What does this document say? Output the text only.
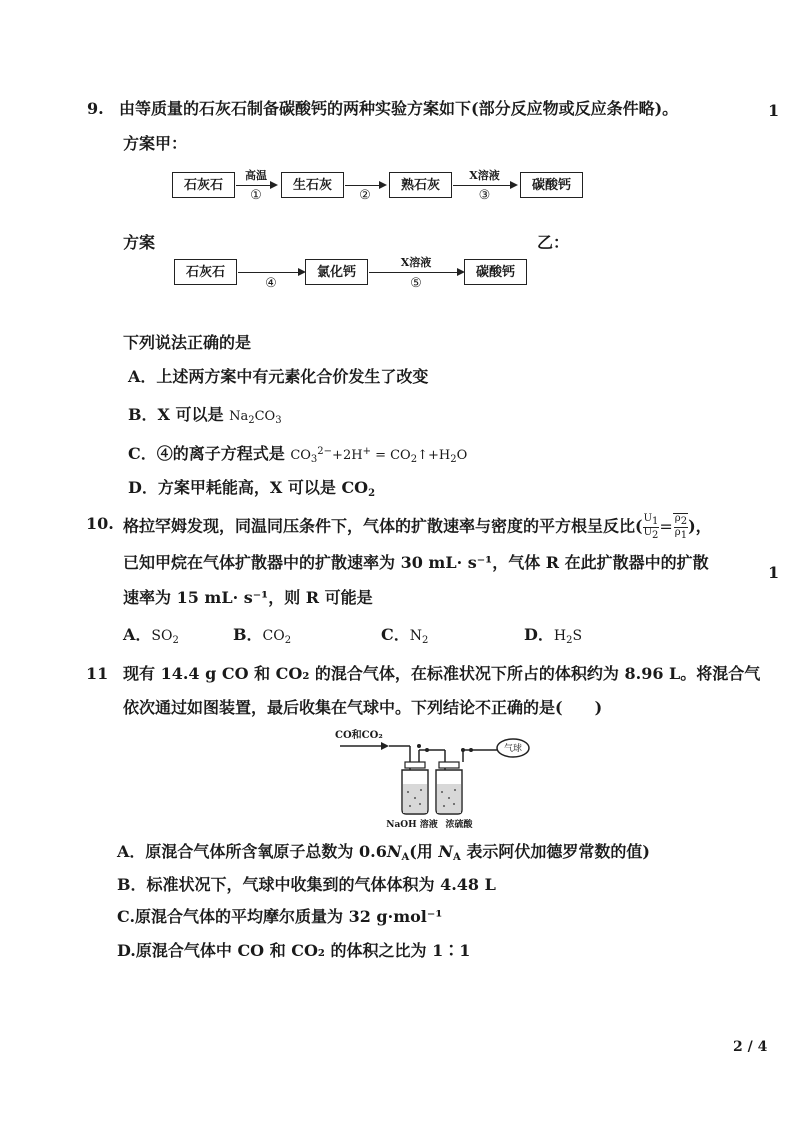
9. 由等质量的石灰石制备碳酸钙的两种实验方案如下(部分反应物或反应条件略)。	1
方案甲：
石灰石
高温
①
生石灰
②
熟石灰
X溶液
③
碳酸钙
方案	乙：
石灰石
④
氯化钙
X溶液
⑤
碳酸钙
下列说法正确的是
A．上述两方案中有元素化合价发生了改变
B．X 可以是 $Na_2CO_3$
C．④的离子方程式是 $CO_3^{2-}+2H^+$ = $CO_2↑+H_2O$
D．方案甲耗能高，X 可以是 $CO_2$
10. 格拉罕姆发现，同温同压条件下，气体的扩散速率与密度的平方根呈反比( $\frac{U_1}{U_2} = \frac{\rho_2}{\rho_1}$ )，
已知甲烷在气体扩散器中的扩散速率为 30 mL· s⁻¹，气体 R 在此扩散器中的扩散
1
速率为 15 mL· s⁻¹，则 R 可能是
A．$SO_2$	B．$CO_2$	C．$N_2$	D．$H_2S$
11 现有 14.4 g CO 和 CO₂ 的混合气体，在标准状况下所占的体积约为 8.96 L。将混合气
依次通过如图装置，最后收集在气球中。下列结论不正确的是(　　)
CO和CO₂
气球
NaOH 溶液 浓硫酸
A．原混合气体所含氧原子总数为 $0.6N_A$(用 $N_A$ 表示阿伏加德罗常数的值)
B．标准状况下，气球中收集到的气体体积为 4.48 L
C.原混合气体的平均摩尔质量为 32 g·mol⁻¹
D.原混合气体中 CO 和 CO₂ 的体积之比为 1∶1
2 / 4
